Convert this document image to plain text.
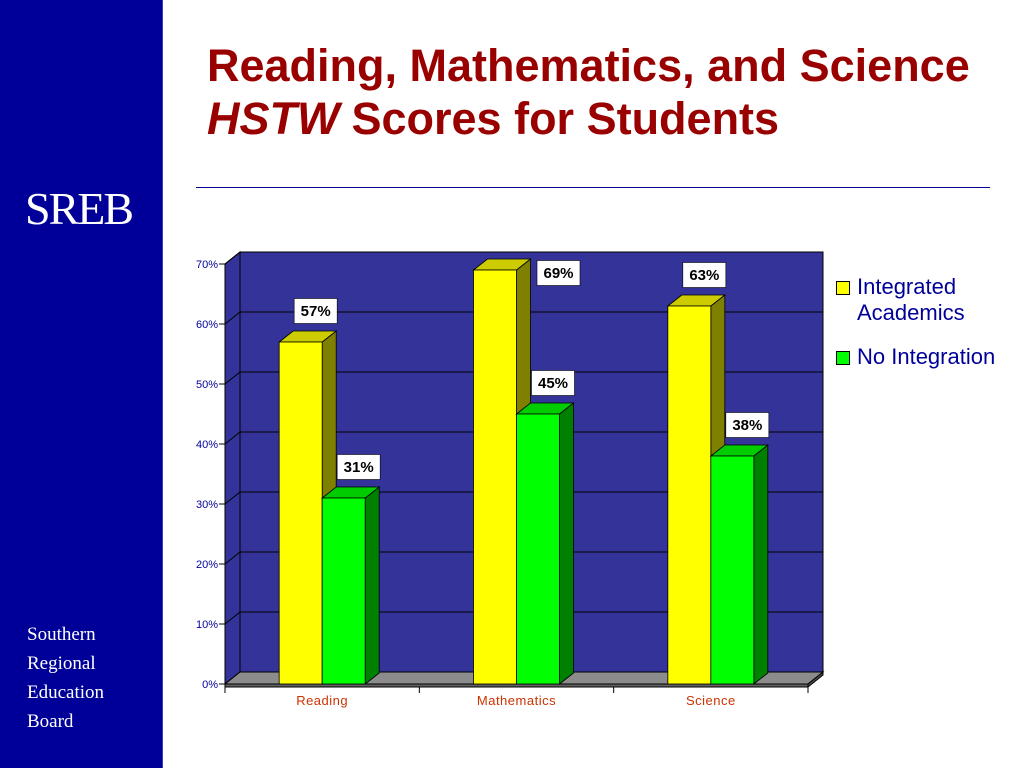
SREB
Southern
Regional
Education
Board
Reading, Mathematics, and Science
HSTW Scores for Students
0%
10%
20%
30%
40%
50%
60%
70%
Reading	Mathematics	Science
57%
31%
69%
45%
63%
38%
Integrated Academics
No Integration
